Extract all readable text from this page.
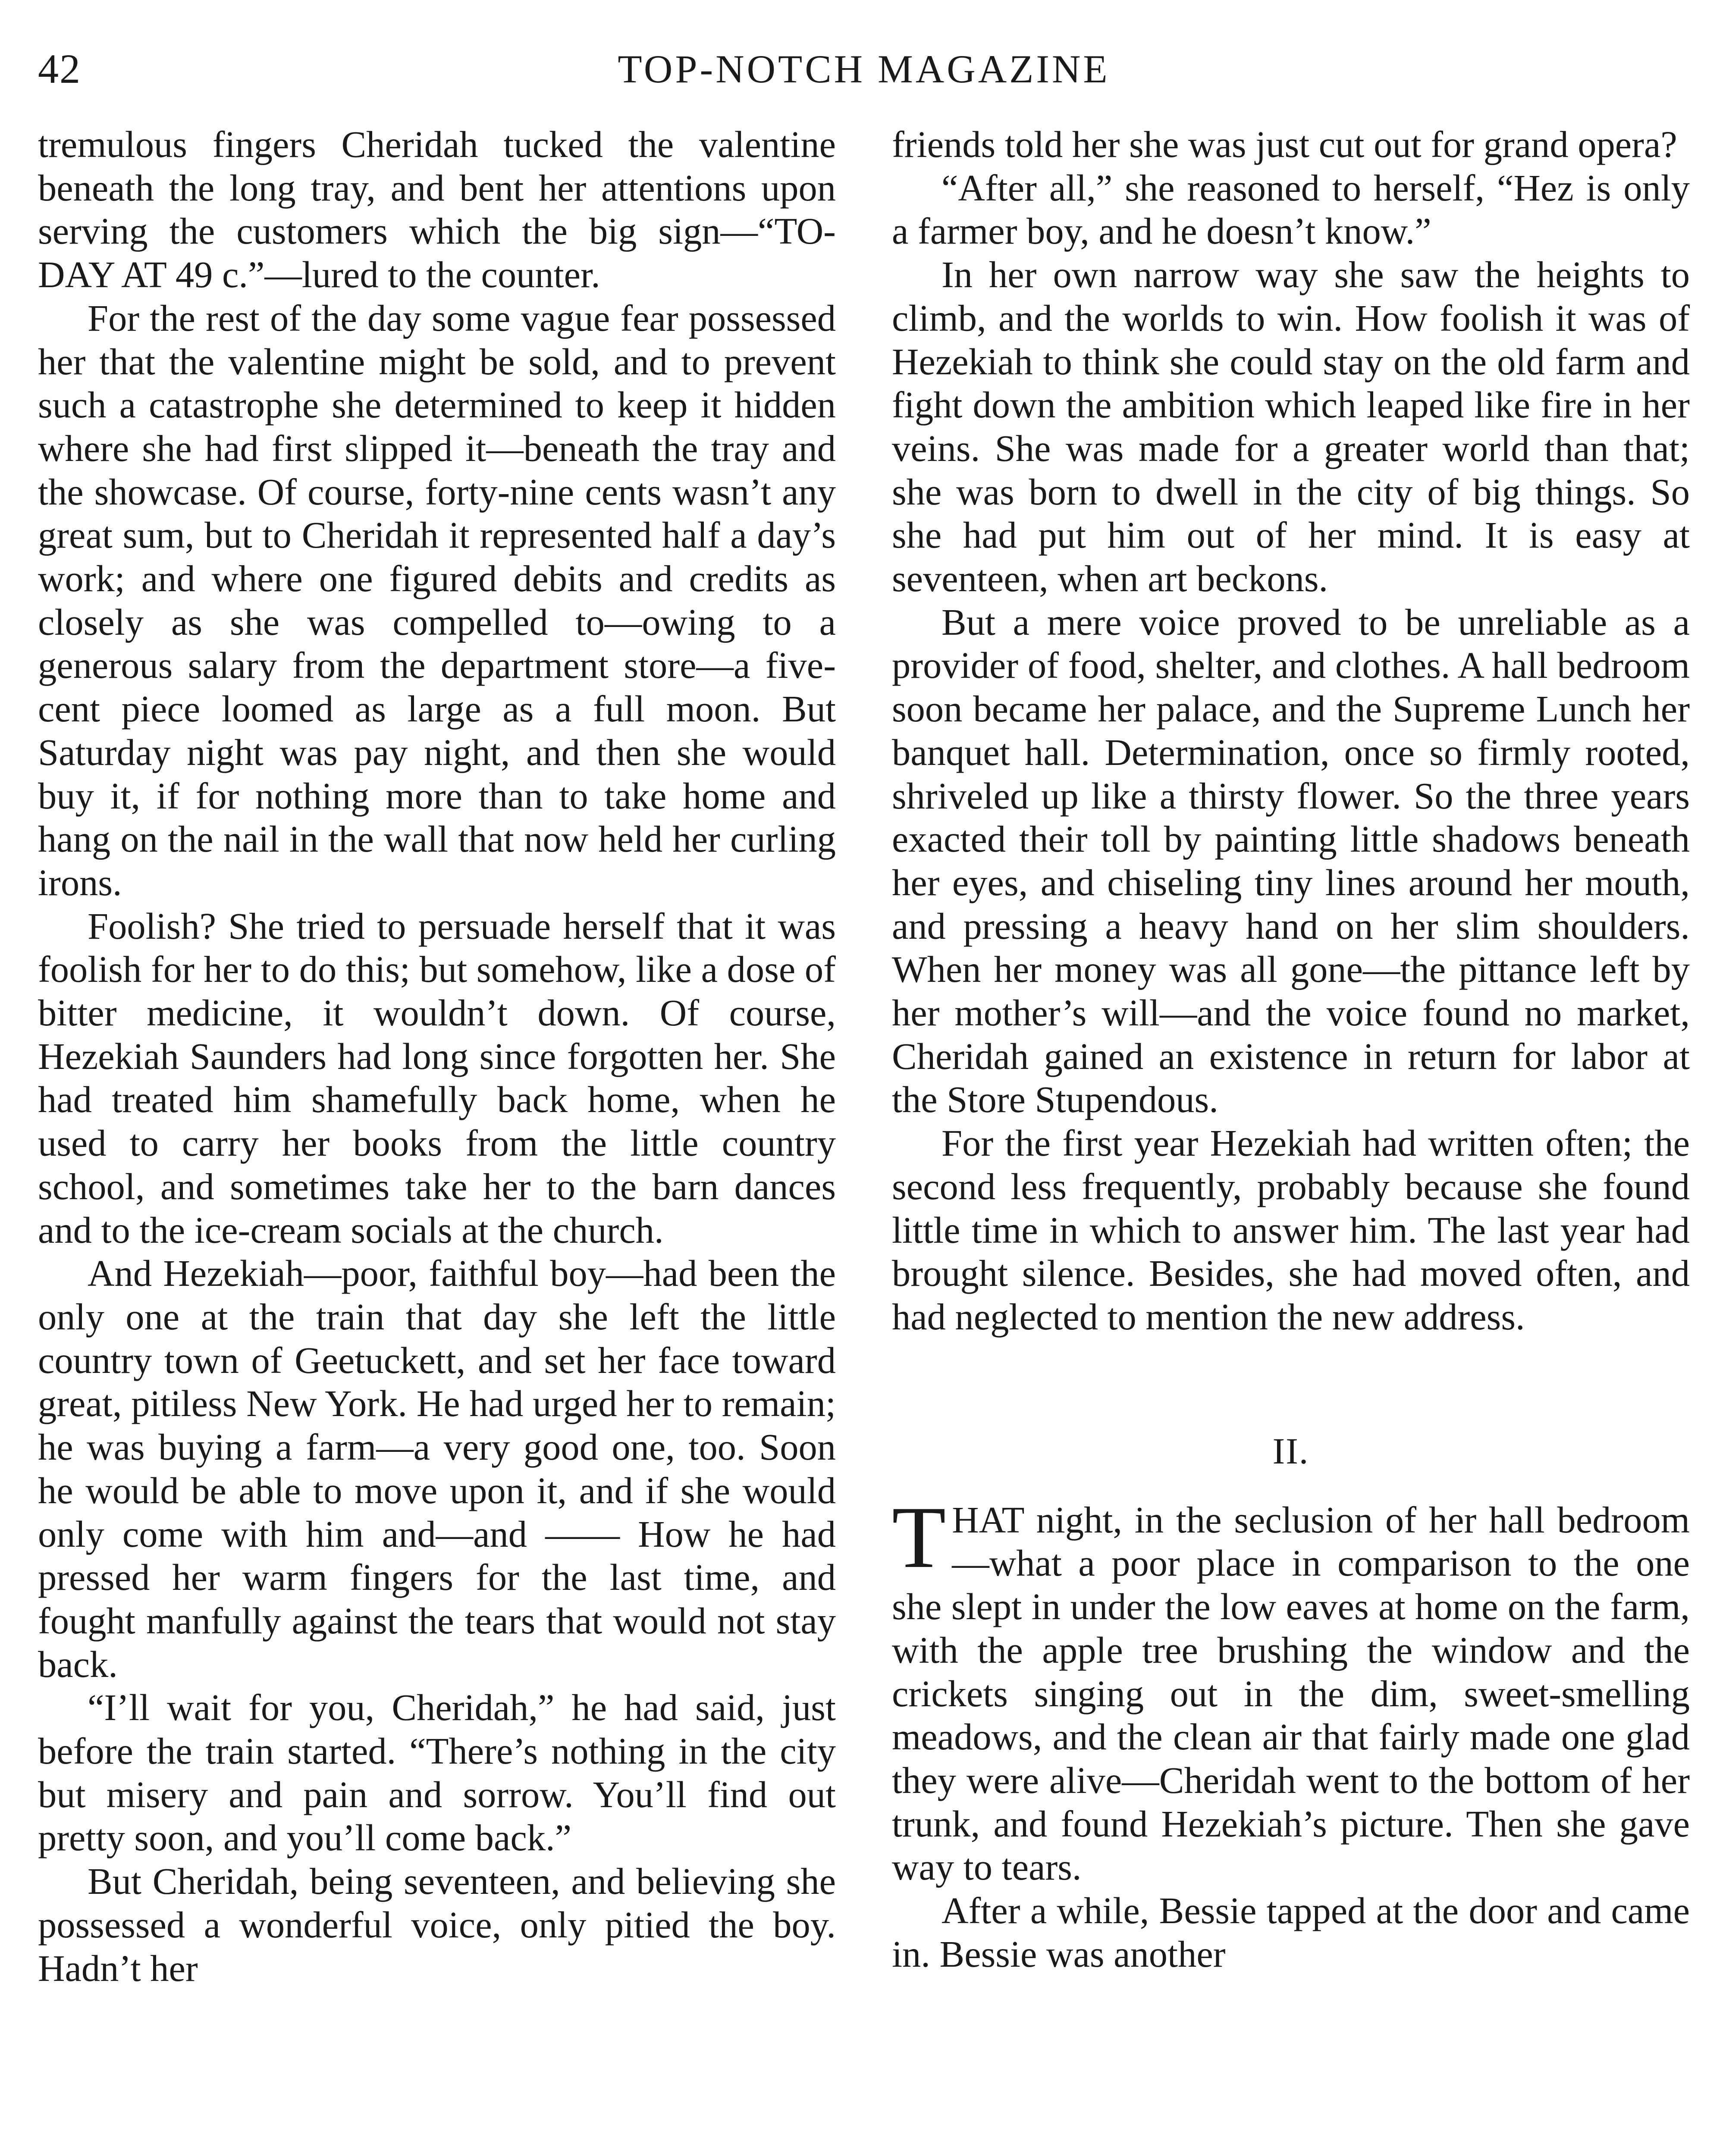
42	TOP-NOTCH MAGAZINE

tremulous fingers Cheridah tucked the valentine beneath the long tray, and bent her attentions upon serving the customers which the big sign—“TO-DAY AT 49 c.”—lured to the counter.

For the rest of the day some vague fear possessed her that the valentine might be sold, and to prevent such a catastrophe she determined to keep it hidden where she had first slipped it—beneath the tray and the showcase. Of course, forty-nine cents wasn’t any great sum, but to Cheridah it represented half a day’s work; and where one figured debits and credits as closely as she was compelled to—owing to a generous salary from the department store—a five-cent piece loomed as large as a full moon. But Saturday night was pay night, and then she would buy it, if for nothing more than to take home and hang on the nail in the wall that now held her curling irons.

Foolish? She tried to persuade herself that it was foolish for her to do this; but somehow, like a dose of bitter medicine, it wouldn’t down. Of course, Hezekiah Saunders had long since forgotten her. She had treated him shamefully back home, when he used to carry her books from the little country school, and sometimes take her to the barn dances and to the ice-cream socials at the church.

And Hezekiah—poor, faithful boy—had been the only one at the train that day she left the little country town of Geetuckett, and set her face toward great, pitiless New York. He had urged her to remain; he was buying a farm—a very good one, too. Soon he would be able to move upon it, and if she would only come with him and—and —— How he had pressed her warm fingers for the last time, and fought manfully against the tears that would not stay back.

“I’ll wait for you, Cheridah,” he had said, just before the train started. “There’s nothing in the city but misery and pain and sorrow. You’ll find out pretty soon, and you’ll come back.”

But Cheridah, being seventeen, and believing she possessed a wonderful voice, only pitied the boy. Hadn’t her

friends told her she was just cut out for grand opera?

“After all,” she reasoned to herself, “Hez is only a farmer boy, and he doesn’t know.”

In her own narrow way she saw the heights to climb, and the worlds to win. How foolish it was of Hezekiah to think she could stay on the old farm and fight down the ambition which leaped like fire in her veins. She was made for a greater world than that; she was born to dwell in the city of big things. So she had put him out of her mind. It is easy at seventeen, when art beckons.

But a mere voice proved to be unreliable as a provider of food, shelter, and clothes. A hall bedroom soon became her palace, and the Supreme Lunch her banquet hall. Determination, once so firmly rooted, shriveled up like a thirsty flower. So the three years exacted their toll by painting little shadows beneath her eyes, and chiseling tiny lines around her mouth, and pressing a heavy hand on her slim shoulders. When her money was all gone—the pittance left by her mother’s will—and the voice found no market, Cheridah gained an existence in return for labor at the Store Stupendous.

For the first year Hezekiah had written often; the second less frequently, probably because she found little time in which to answer him. The last year had brought silence. Besides, she had moved often, and had neglected to mention the new address.

II.

THAT night, in the seclusion of her hall bedroom—what a poor place in comparison to the one she slept in under the low eaves at home on the farm, with the apple tree brushing the window and the crickets singing out in the dim, sweet-smelling meadows, and the clean air that fairly made one glad they were alive—Cheridah went to the bottom of her trunk, and found Hezekiah’s picture. Then she gave way to tears.

After a while, Bessie tapped at the door and came in. Bessie was another
